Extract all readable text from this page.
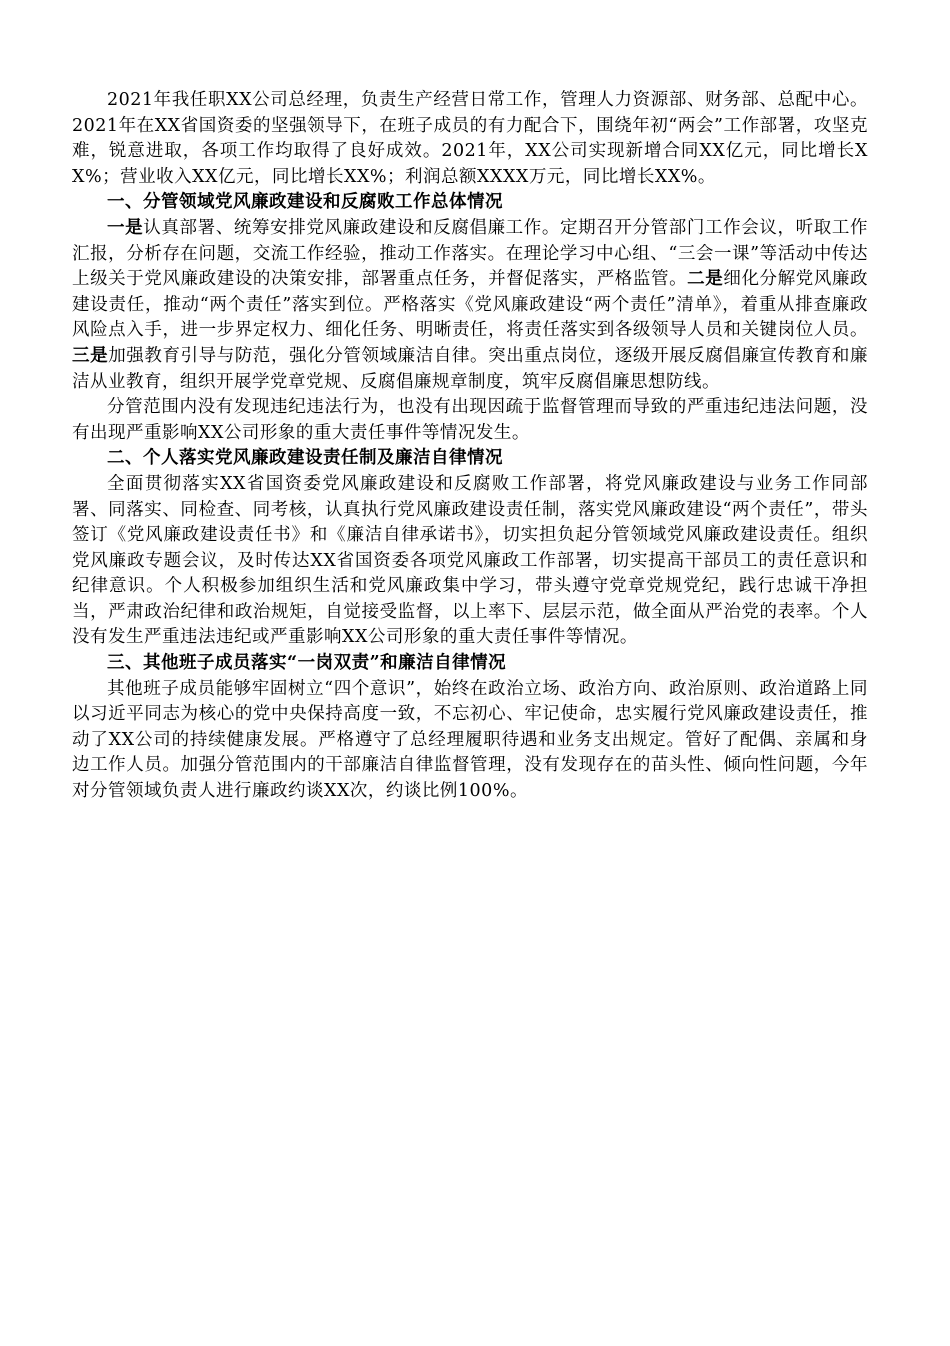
2021年我任职XX公司总经理，负责生产经营日常工作，管理人力资源部、财务部、总配中心。2021年在XX省国资委的坚强领导下，在班子成员的有力配合下，围绕年初“两会”工作部署，攻坚克难，锐意进取，各项工作均取得了良好成效。2021年，XX公司实现新增合同XX亿元，同比增长XX%；营业收入XX亿元，同比增长XX%；利润总额XXXX万元，同比增长XX%。

一、分管领域党风廉政建设和反腐败工作总体情况

一是认真部署、统筹安排党风廉政建设和反腐倡廉工作。定期召开分管部门工作会议，听取工作汇报，分析存在问题，交流工作经验，推动工作落实。在理论学习中心组、“三会一课”等活动中传达上级关于党风廉政建设的决策安排，部署重点任务，并督促落实，严格监管。二是细化分解党风廉政建设责任，推动“两个责任”落实到位。严格落实《党风廉政建设“两个责任”清单》，着重从排查廉政风险点入手，进一步界定权力、细化任务、明晰责任，将责任落实到各级领导人员和关键岗位人员。三是加强教育引导与防范，强化分管领域廉洁自律。突出重点岗位，逐级开展反腐倡廉宣传教育和廉洁从业教育，组织开展学党章党规、反腐倡廉规章制度，筑牢反腐倡廉思想防线。

分管范围内没有发现违纪违法行为，也没有出现因疏于监督管理而导致的严重违纪违法问题，没有出现严重影响XX公司形象的重大责任事件等情况发生。

二、个人落实党风廉政建设责任制及廉洁自律情况

全面贯彻落实XX省国资委党风廉政建设和反腐败工作部署，将党风廉政建设与业务工作同部署、同落实、同检查、同考核，认真执行党风廉政建设责任制，落实党风廉政建设“两个责任”，带头签订《党风廉政建设责任书》和《廉洁自律承诺书》，切实担负起分管领域党风廉政建设责任。组织党风廉政专题会议，及时传达XX省国资委各项党风廉政工作部署，切实提高干部员工的责任意识和纪律意识。个人积极参加组织生活和党风廉政集中学习，带头遵守党章党规党纪，践行忠诚干净担当，严肃政治纪律和政治规矩，自觉接受监督，以上率下、层层示范，做全面从严治党的表率。个人没有发生严重违法违纪或严重影响XX公司形象的重大责任事件等情况。

三、其他班子成员落实“一岗双责”和廉洁自律情况

其他班子成员能够牢固树立“四个意识”，始终在政治立场、政治方向、政治原则、政治道路上同以习近平同志为核心的党中央保持高度一致，不忘初心、牢记使命，忠实履行党风廉政建设责任，推动了XX公司的持续健康发展。严格遵守了总经理履职待遇和业务支出规定。管好了配偶、亲属和身边工作人员。加强分管范围内的干部廉洁自律监督管理，没有发现存在的苗头性、倾向性问题，今年对分管领域负责人进行廉政约谈XX次，约谈比例100%。
